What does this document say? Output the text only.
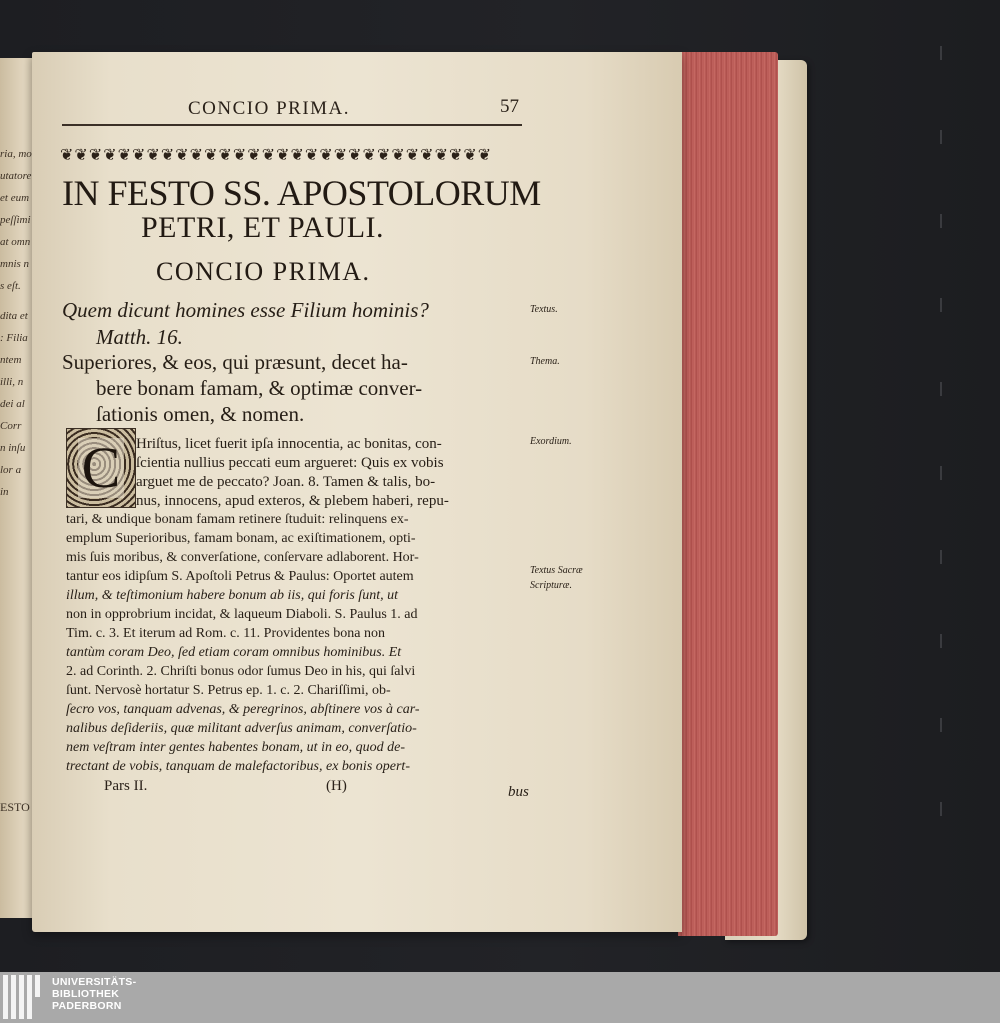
ria, mo
utatore
et eum
peſſimi
at omn
mnis n
s eſt.
dita et
: Filia
ntem
illi, n
dei al
Corr
n inſu
lor a
in
ESTO
CONCIO PRIMA.	57
❦❦❦❦❦❦❦❦❦❦❦❦❦❦❦❦❦❦❦❦❦❦❦❦❦❦❦❦❦❦
IN FESTO SS. APOSTOLORUM
PETRI, ET PAULI.
CONCIO PRIMA.
Quem dicunt homines esse Filium hominis?
Matth. 16.
Superiores, & eos, qui præsunt, decet ha-
bere bonam famam, & optimæ conver-
ſationis omen, & nomen.
C Hriſtus, licet fuerit ipſa innocentia, ac bonitas, con-
ſcientia nullius peccati eum argueret: Quis ex vobis
arguet me de peccato? Joan. 8. Tamen & talis, bo-
nus, innocens, apud exteros, & plebem haberi, repu-
tari, & undique bonam famam retinere ſtuduit: relinquens ex-
emplum Superioribus, famam bonam, ac exiſtimationem, opti-
mis ſuis moribus, & converſatione, conſervare adlaborent. Hor-
tantur eos idipſum S. Apoſtoli Petrus & Paulus: Oportet autem
illum, & teſtimonium habere bonum ab iis, qui foris ſunt, ut
non in opprobrium incidat, & laqueum Diaboli. S. Paulus 1. ad
Tim. c. 3. Et iterum ad Rom. c. 11. Providentes bona non
tantùm coram Deo, ſed etiam coram omnibus hominibus. Et
2. ad Corinth. 2. Chriſti bonus odor ſumus Deo in his, qui ſalvi
ſunt. Nervosè hortatur S. Petrus ep. 1. c. 2. Chariſſimi, ob-
ſecro vos, tanquam advenas, & peregrinos, abſtinere vos à car-
nalibus deſideriis, quæ militant adverſus animam, converſatio-
nem veſtram inter gentes habentes bonam, ut in eo, quod de-
trectant de vobis, tanquam de malefactoribus, ex bonis opert-
Textus.
Thema.
Exordium.
Textus Sacræ
Scripturæ.
Pars II.	(H)	bus
UNIVERSITÄTS-
BIBLIOTHEK
PADERBORN
